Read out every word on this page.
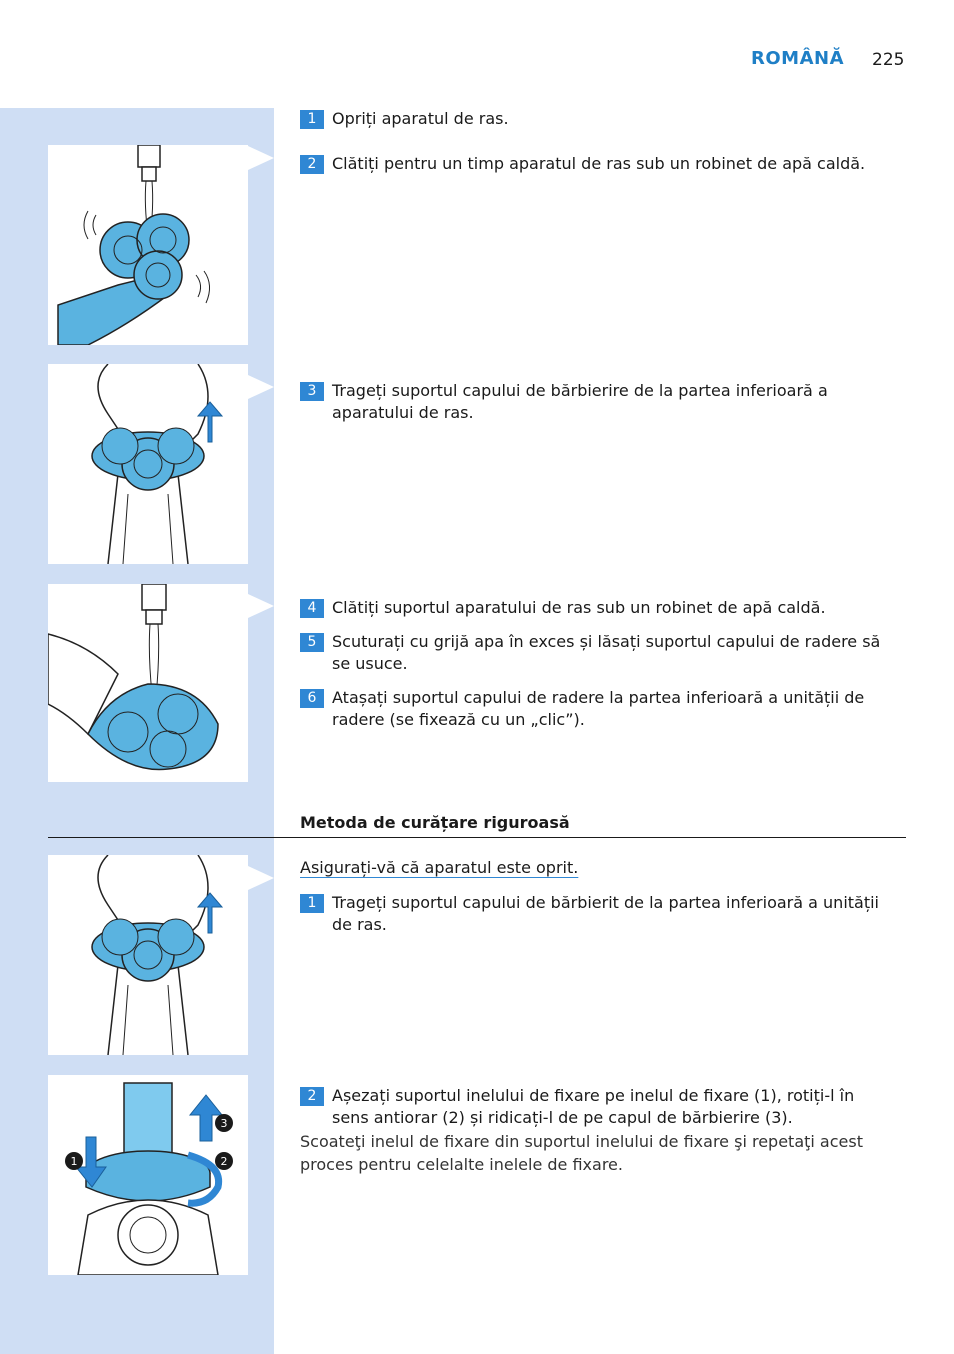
ROMÂNĂ 225
1	2
3
1 Opriți aparatul de ras.
2 Clătiți pentru un timp aparatul de ras sub un robinet de apă caldă.
3 Trageți suportul capului de bărbierire de la partea inferioară a aparatului de ras.
4 Clătiți suportul aparatului de ras sub un robinet de apă caldă.
5 Scuturați cu grijă apa în exces și lăsați suportul capului de radere să se usuce.
6 Atașați suportul capului de radere la partea inferioară a unității de radere (se fixează cu un „clic”).
Metoda de curățare riguroasă
Asigurați-vă că aparatul este oprit.
1 Trageți suportul capului de bărbierit de la partea inferioară a unității de ras.
2 Așezați suportul inelului de fixare pe inelul de fixare (1), rotiți-l în sens antiorar (2) și ridicați-l de pe capul de bărbierire (3).
Scoateţi inelul de fixare din suportul inelului de fixare şi repetaţi acest proces pentru celelalte inelele de fixare.
